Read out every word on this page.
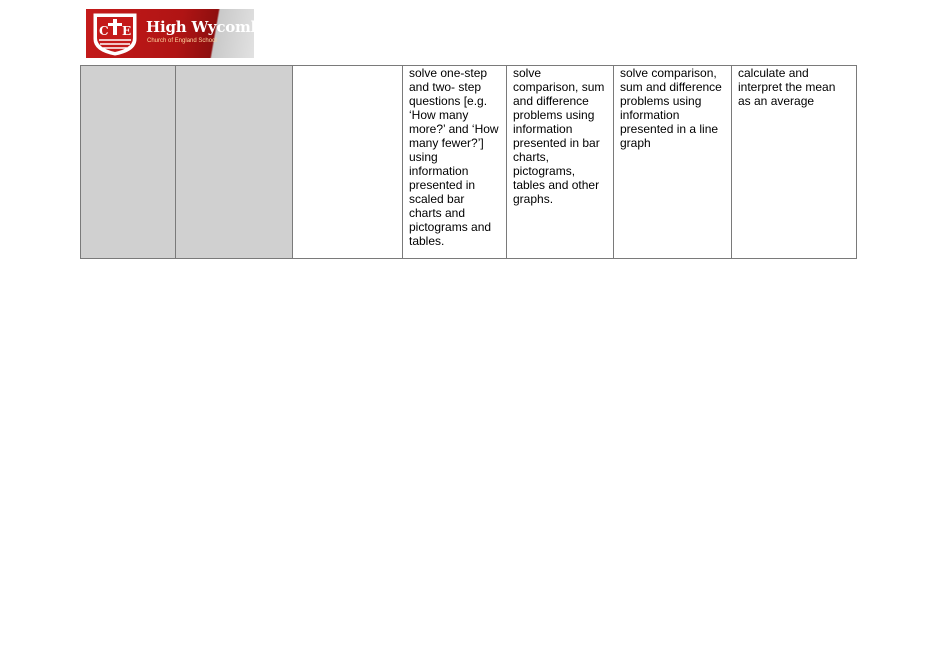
C E High Wycombe
Church of England School
			solve one-step and two- step questions [e.g. ‘How many more?’ and ‘How many fewer?’] using information presented in scaled bar charts and pictograms and tables.	solve comparison, sum and difference problems using information presented in bar charts, pictograms, tables and other graphs.	solve comparison, sum and difference problems using information presented in a line graph	calculate and interpret the mean as an average
